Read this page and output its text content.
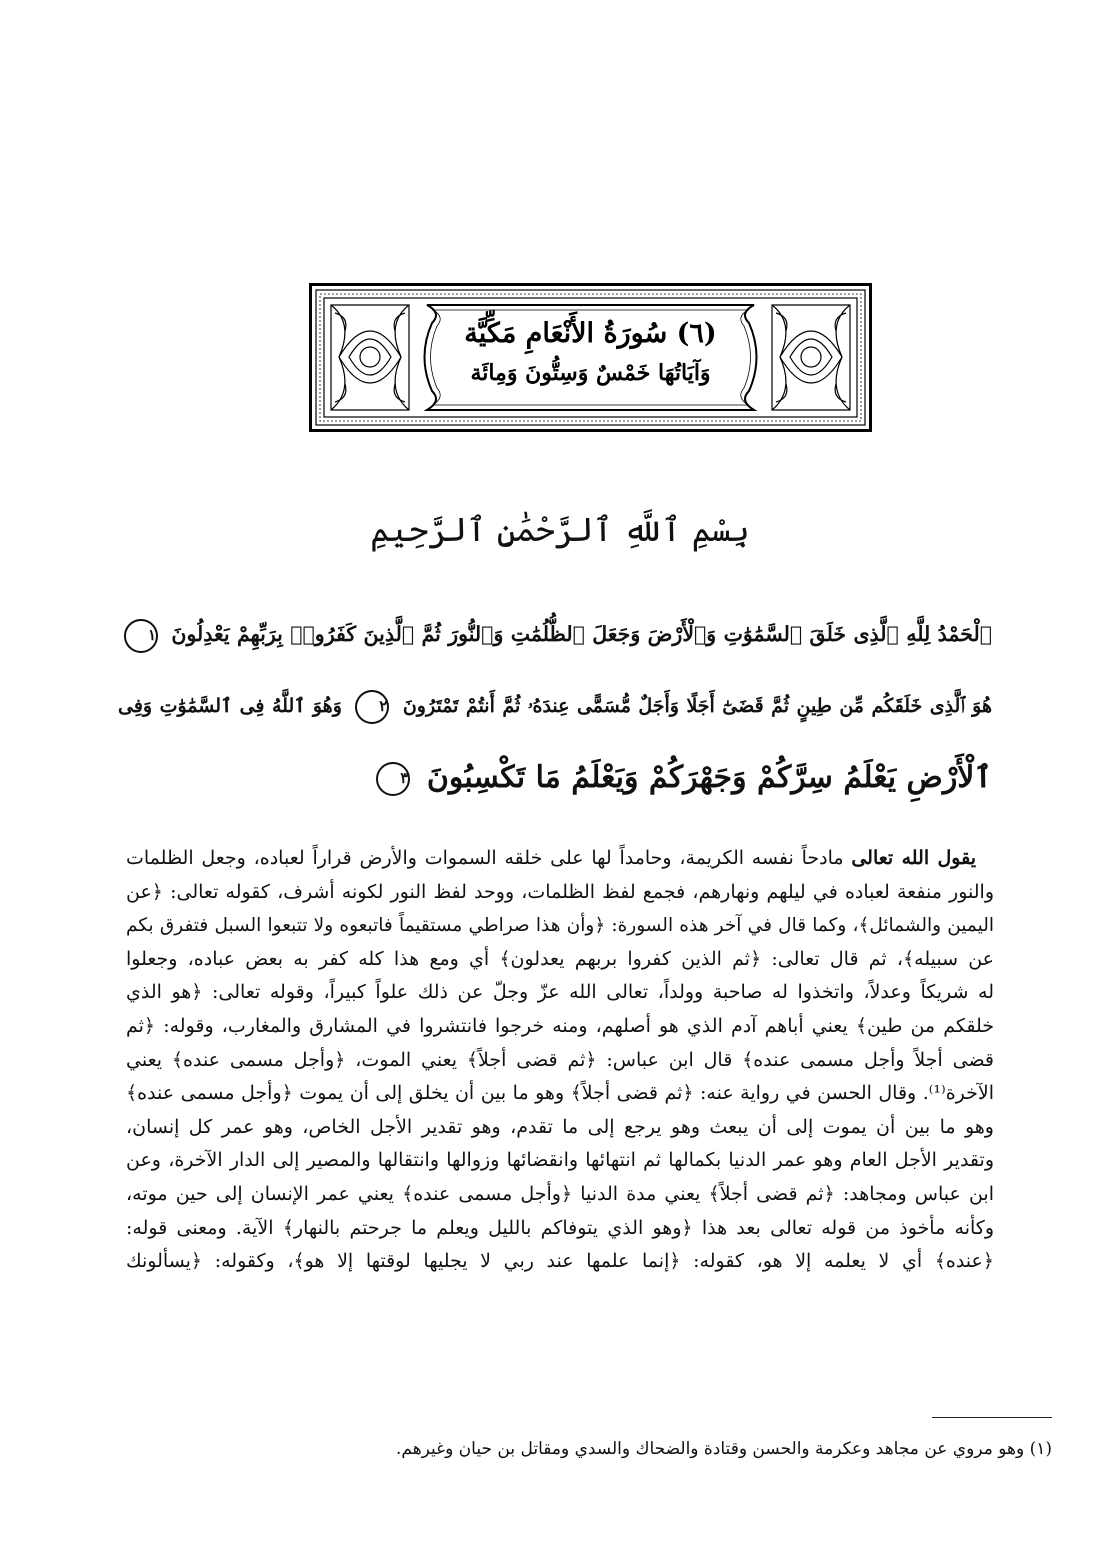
(٦) سُورَةُ الأَنْعَامِ مَكِّيَّة
وَآيَاتُهَا خَمْسٌ وَسِتُّونَ وَمِائَة
بِسْمِ ٱللَّهِ ٱلرَّحْمَٰنِ ٱلرَّحِيمِ
ٱلْحَمْدُ لِلَّهِ ٱلَّذِى خَلَقَ ٱلسَّمَٰوَٰتِ وَٱلْأَرْضَ وَجَعَلَ ٱلظُّلُمَٰتِ وَٱلنُّورَ ثُمَّ ٱلَّذِينَ كَفَرُوا۟ بِرَبِّهِمْ يَعْدِلُونَ ١
هُوَ ٱلَّذِى خَلَقَكُم مِّن طِينٍ ثُمَّ قَضَىٰٓ أَجَلًا وَأَجَلٌ مُّسَمًّى عِندَهُۥ ثُمَّ أَنتُمْ تَمْتَرُونَ ٢ وَهُوَ ٱللَّهُ فِى ٱلسَّمَٰوَٰتِ وَفِى
ٱلْأَرْضِ يَعْلَمُ سِرَّكُمْ وَجَهْرَكُمْ وَيَعْلَمُ مَا تَكْسِبُونَ ٣
يقول الله تعالى مادحاً نفسه الكريمة، وحامداً لها على خلقه السموات والأرض قراراً لعباده، وجعل الظلمات
والنور منفعة لعباده في ليلهم ونهارهم، فجمع لفظ الظلمات، ووحد لفظ النور لكونه أشرف، كقوله تعالى: ﴿عن
اليمين والشمائل﴾، وكما قال في آخر هذه السورة: ﴿وأن هذا صراطي مستقيماً فاتبعوه ولا تتبعوا السبل فتفرق بكم
عن سبيله﴾، ثم قال تعالى: ﴿ثم الذين كفروا بربهم يعدلون﴾ أي ومع هذا كله كفر به بعض عباده، وجعلوا
له شريكاً وعدلاً، واتخذوا له صاحبة وولداً، تعالى الله عزّ وجلّ عن ذلك علواً كبيراً، وقوله تعالى: ﴿هو الذي
خلقكم من طين﴾ يعني أباهم آدم الذي هو أصلهم، ومنه خرجوا فانتشروا في المشارق والمغارب، وقوله: ﴿ثم
قضى أجلاً وأجل مسمى عنده﴾ قال ابن عباس: ﴿ثم قضى أجلاً﴾ يعني الموت، ﴿وأجل مسمى عنده﴾ يعني
الآخرة⁽¹⁾. وقال الحسن في رواية عنه: ﴿ثم قضى أجلاً﴾ وهو ما بين أن يخلق إلى أن يموت ﴿وأجل مسمى عنده﴾
وهو ما بين أن يموت إلى أن يبعث وهو يرجع إلى ما تقدم، وهو تقدير الأجل الخاص، وهو عمر كل إنسان،
وتقدير الأجل العام وهو عمر الدنيا بكمالها ثم انتهائها وانقضائها وزوالها وانتقالها والمصير إلى الدار الآخرة، وعن
ابن عباس ومجاهد: ﴿ثم قضى أجلاً﴾ يعني مدة الدنيا ﴿وأجل مسمى عنده﴾ يعني عمر الإنسان إلى حين موته،
وكأنه مأخوذ من قوله تعالى بعد هذا ﴿وهو الذي يتوفاكم بالليل ويعلم ما جرحتم بالنهار﴾ الآية. ومعنى قوله:
﴿عنده﴾ أي لا يعلمه إلا هو، كقوله: ﴿إنما علمها عند ربي لا يجليها لوقتها إلا هو﴾، وكقوله: ﴿يسألونك
(١) وهو مروي عن مجاهد وعكرمة والحسن وقتادة والضحاك والسدي ومقاتل بن حيان وغيرهم.
